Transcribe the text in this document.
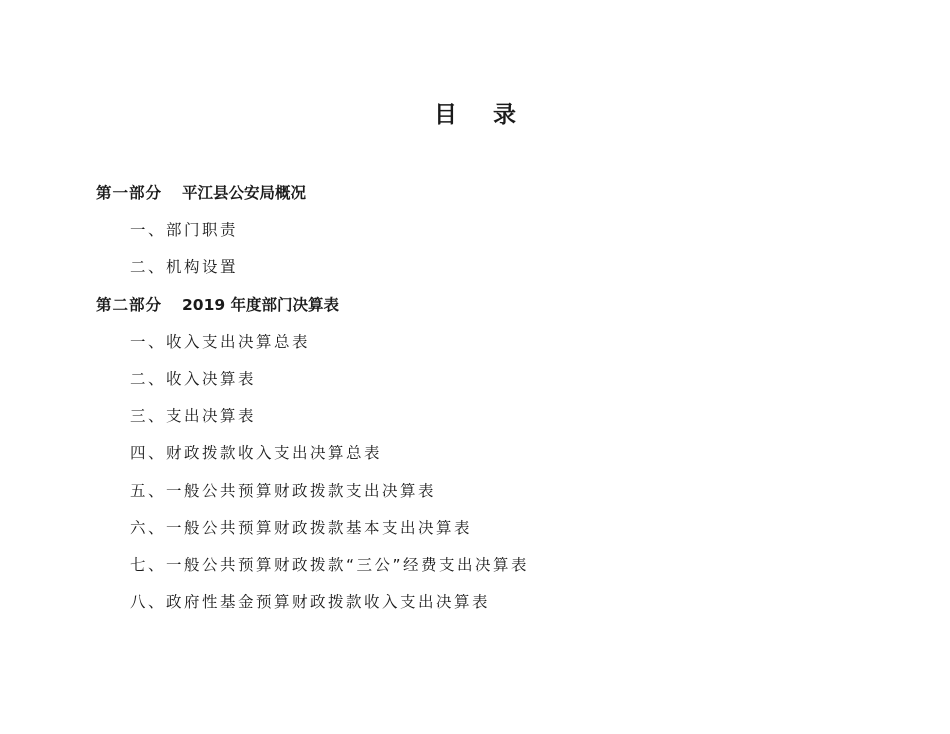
目 录
第一部分 平江县公安局概况
一、部门职责
二、机构设置
第二部分 2019 年度部门决算表
一、收入支出决算总表
二、收入决算表
三、支出决算表
四、财政拨款收入支出决算总表
五、一般公共预算财政拨款支出决算表
六、一般公共预算财政拨款基本支出决算表
七、一般公共预算财政拨款“三公”经费支出决算表
八、政府性基金预算财政拨款收入支出决算表
